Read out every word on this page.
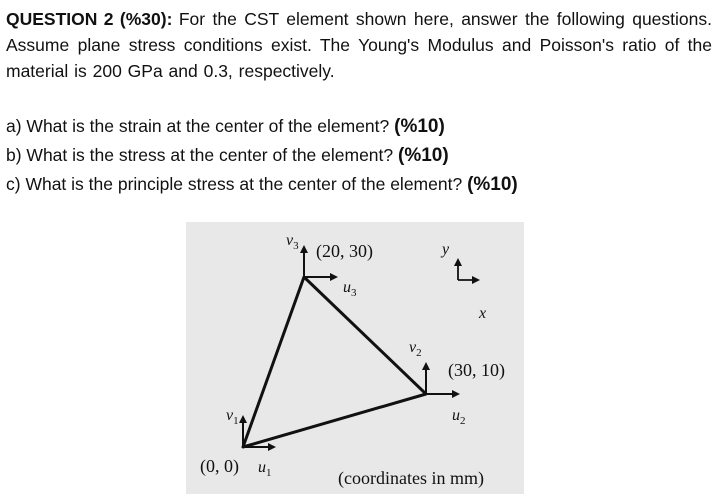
QUESTION 2 (%30): For the CST element shown here, answer the following questions. Assume plane stress conditions exist. The Young's Modulus and Poisson's ratio of the material is 200 GPa and 0.3, respectively.
a) What is the strain at the center of the element? (%10)
b) What is the stress at the center of the element? (%10)
c) What is the principle stress at the center of the element? (%10)
y
x
$v_3$ (20, 30)
$u_3$
$v_2$
(30, 10)
$u_2$
$v_1$
(0, 0) $u_1$	(coordinates in mm)
